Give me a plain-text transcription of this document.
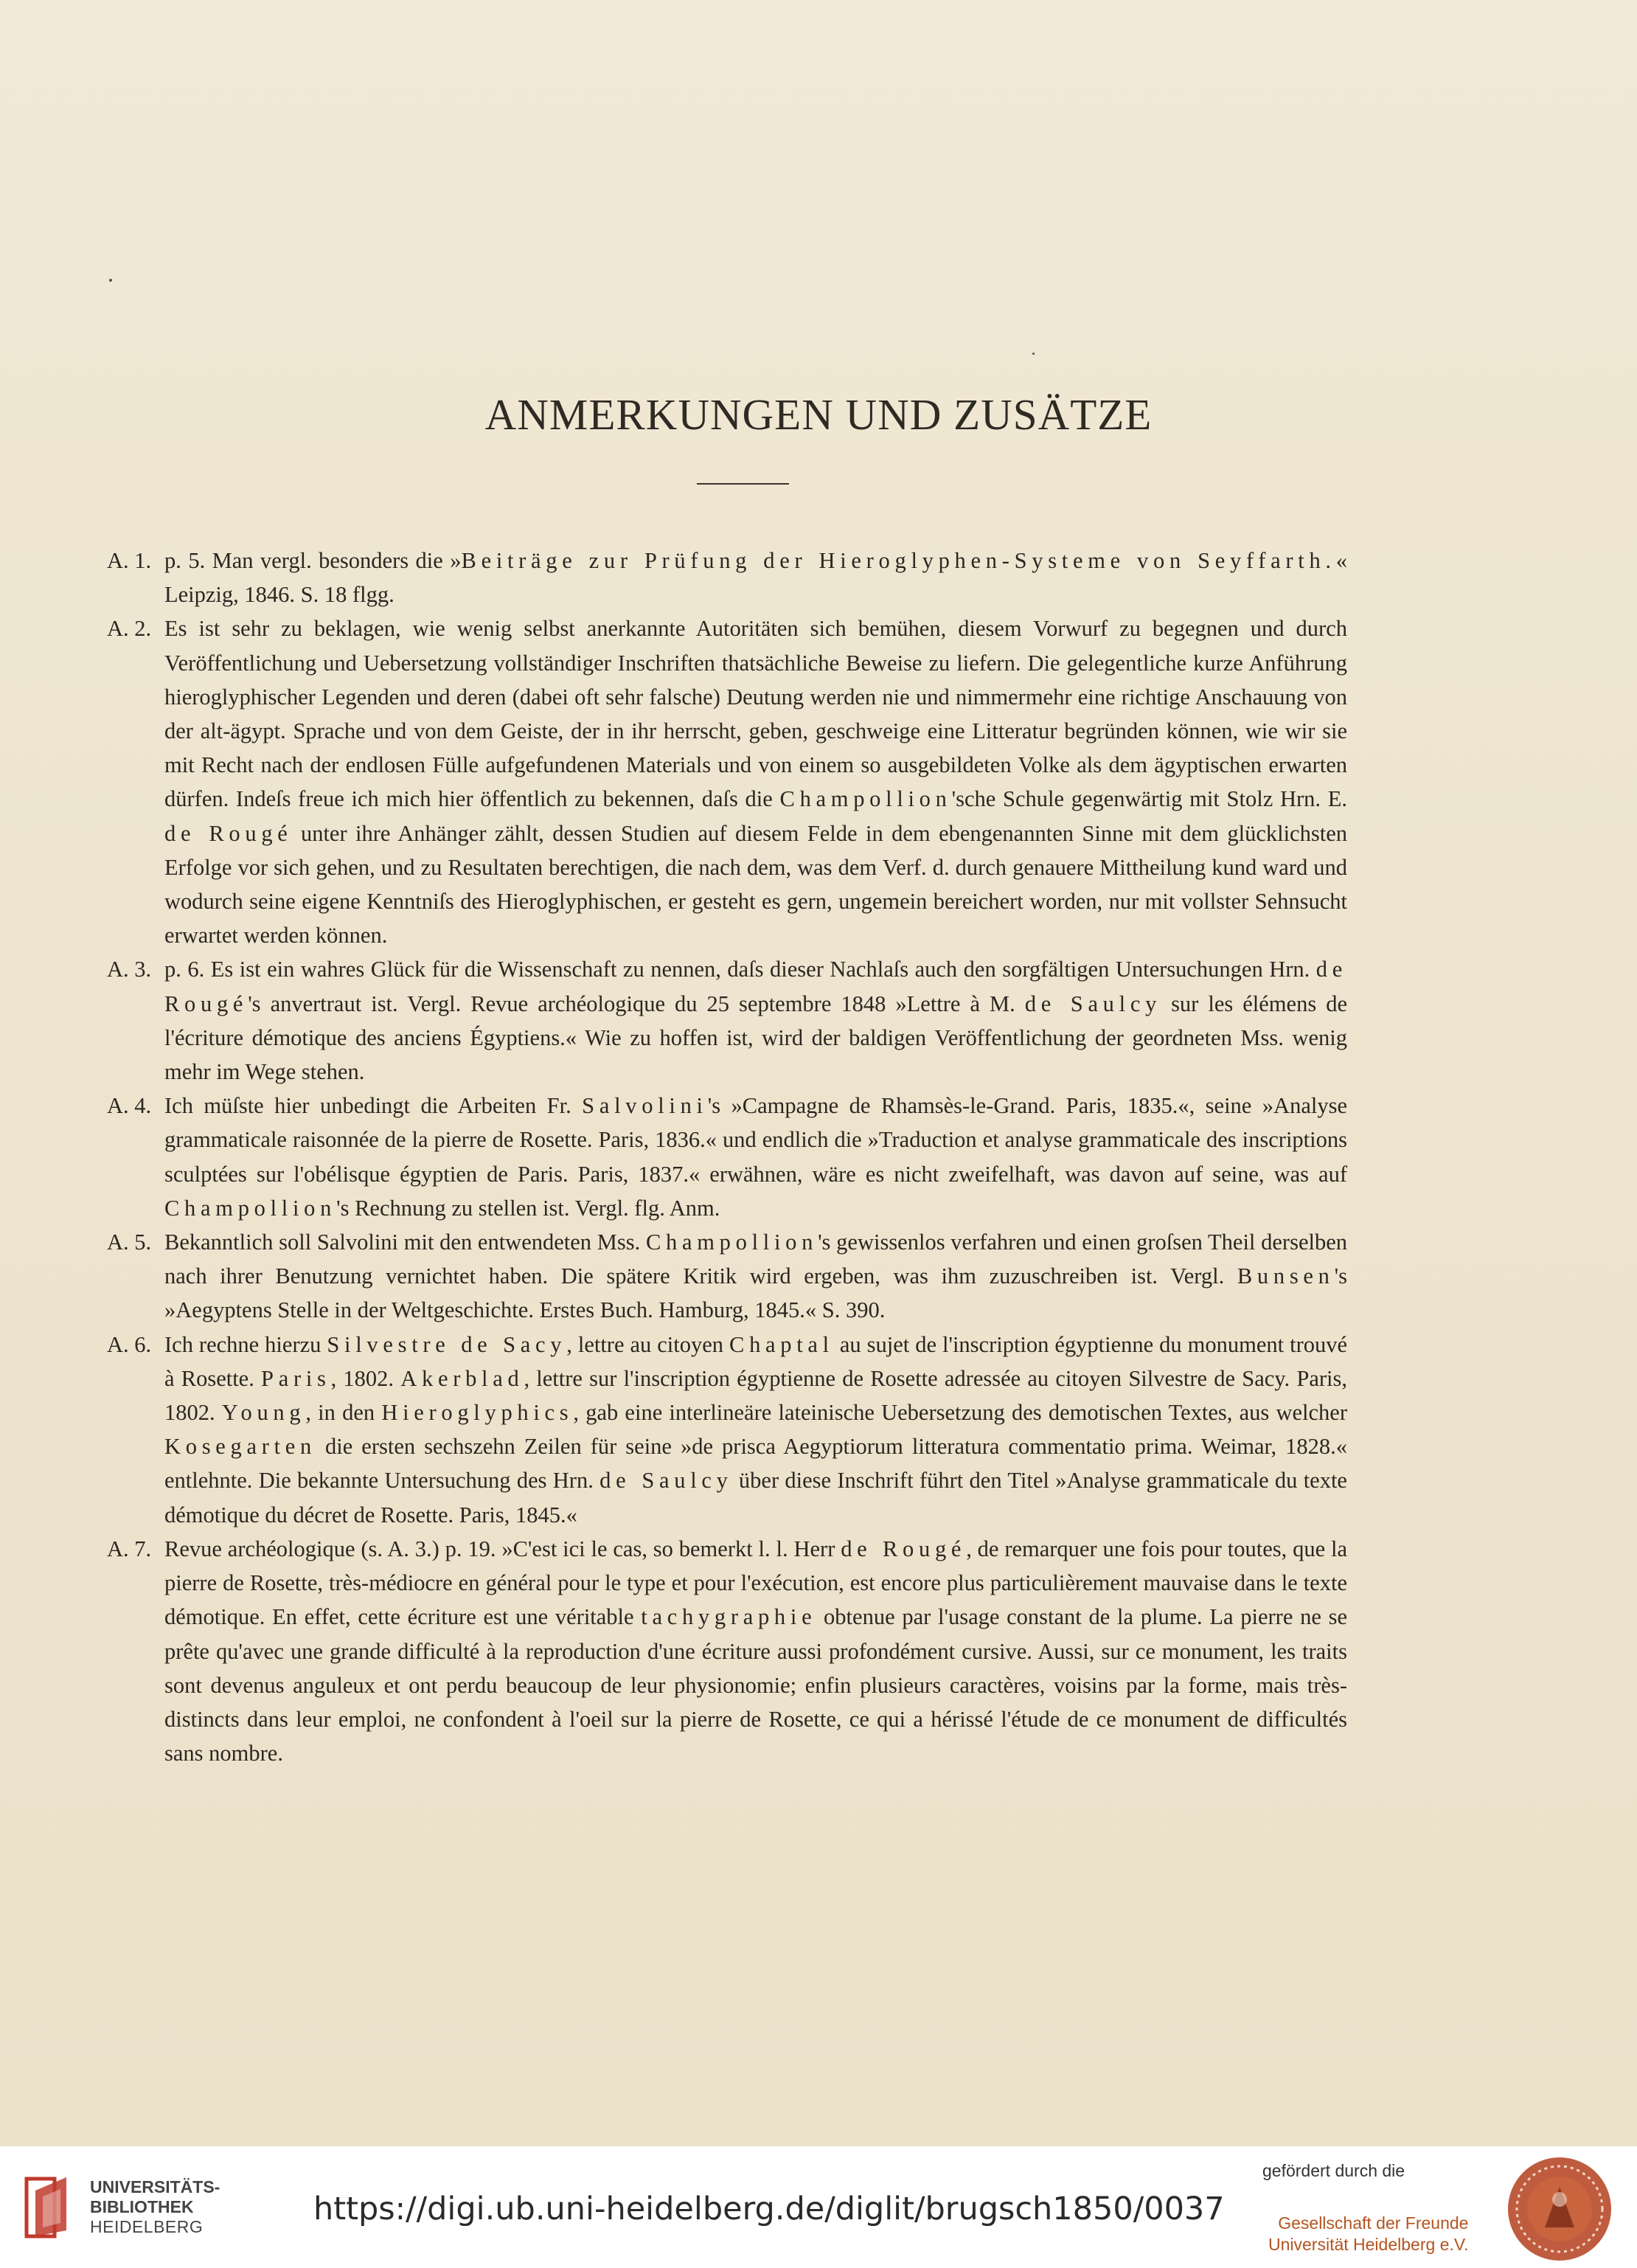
ANMERKUNGEN UND ZUSÄTZE

A. 1. p. 5. Man vergl. besonders die »Beiträge zur Prüfung der Hieroglyphen-Systeme von Seyffarth.« Leipzig, 1846. S. 18 flgg.

A. 2. Es ist sehr zu beklagen, wie wenig selbst anerkannte Autoritäten sich bemühen, diesem Vorwurf zu begegnen und durch Veröffentlichung und Uebersetzung vollständiger Inschriften thatsächliche Beweise zu liefern. Die gelegentliche kurze Anführung hieroglyphischer Legenden und deren (dabei oft sehr falsche) Deutung werden nie und nimmermehr eine richtige Anschauung von der alt-ägypt. Sprache und von dem Geiste, der in ihr herrscht, geben, geschweige eine Litteratur begründen können, wie wir sie mit Recht nach der endlosen Fülle aufgefundenen Materials und von einem so ausgebildeten Volke als dem ägyptischen erwarten dürfen. Indeſs freue ich mich hier öffentlich zu bekennen, daſs die Champollion'sche Schule gegenwärtig mit Stolz Hrn. E. de Rougé unter ihre Anhänger zählt, dessen Studien auf diesem Felde in dem ebengenannten Sinne mit dem glücklichsten Erfolge vor sich gehen, und zu Resultaten berechtigen, die nach dem, was dem Verf. d. durch genauere Mittheilung kund ward und wodurch seine eigene Kenntniſs des Hieroglyphischen, er gesteht es gern, ungemein bereichert worden, nur mit vollster Sehnsucht erwartet werden können.

A. 3. p. 6. Es ist ein wahres Glück für die Wissenschaft zu nennen, daſs dieser Nachlaſs auch den sorgfältigen Untersuchungen Hrn. de Rougé's anvertraut ist. Vergl. Revue archéologique du 25 septembre 1848 »Lettre à M. de Saulcy sur les élémens de l'écriture démotique des anciens Égyptiens.« Wie zu hoffen ist, wird der baldigen Veröffentlichung der geordneten Mss. wenig mehr im Wege stehen.

A. 4. Ich müſste hier unbedingt die Arbeiten Fr. Salvolini's »Campagne de Rhamsès-le-Grand. Paris, 1835.«, seine »Analyse grammaticale raisonnée de la pierre de Rosette. Paris, 1836.« und endlich die »Traduction et analyse grammaticale des inscriptions sculptées sur l'obélisque égyptien de Paris. Paris, 1837.« erwähnen, wäre es nicht zweifelhaft, was davon auf seine, was auf Champollion's Rechnung zu stellen ist. Vergl. flg. Anm.

A. 5. Bekanntlich soll Salvolini mit den entwendeten Mss. Champollion's gewissenlos verfahren und einen groſsen Theil derselben nach ihrer Benutzung vernichtet haben. Die spätere Kritik wird ergeben, was ihm zuzuschreiben ist. Vergl. Bunsen's »Aegyptens Stelle in der Weltgeschichte. Erstes Buch. Hamburg, 1845.« S. 390.

A. 6. Ich rechne hierzu Silvestre de Sacy, lettre au citoyen Chaptal au sujet de l'inscription égyptienne du monument trouvé à Rosette. Paris, 1802. Akerblad, lettre sur l'inscription égyptienne de Rosette adressée au citoyen Silvestre de Sacy. Paris, 1802. Young, in den Hieroglyphics, gab eine interlineäre lateinische Uebersetzung des demotischen Textes, aus welcher Kosegarten die ersten sechszehn Zeilen für seine »de prisca Aegyptiorum litteratura commentatio prima. Weimar, 1828.« entlehnte. Die bekannte Untersuchung des Hrn. de Saulcy über diese Inschrift führt den Titel »Analyse grammaticale du texte démotique du décret de Rosette. Paris, 1845.«

A. 7. Revue archéologique (s. A. 3.) p. 19. »C'est ici le cas, so bemerkt l. l. Herr de Rougé, de remarquer une fois pour toutes, que la pierre de Rosette, très-médiocre en général pour le type et pour l'exécution, est encore plus particulièrement mauvaise dans le texte démotique. En effet, cette écriture est une véritable tachygraphie obtenue par l'usage constant de la plume. La pierre ne se prête qu'avec une grande difficulté à la reproduction d'une écriture aussi profondément cursive. Aussi, sur ce monument, les traits sont devenus anguleux et ont perdu beaucoup de leur physionomie; enfin plusieurs caractères, voisins par la forme, mais très-distincts dans leur emploi, ne confondent à l'oeil sur la pierre de Rosette, ce qui a hérissé l'étude de ce monument de difficultés sans nombre.

UNIVERSITÄTS-
BIBLIOTHEK
HEIDELBERG	https://digi.ub.uni-heidelberg.de/diglit/brugsch1850/0037
gefördert durch die
Gesellschaft der Freunde
Universität Heidelberg e.V.
